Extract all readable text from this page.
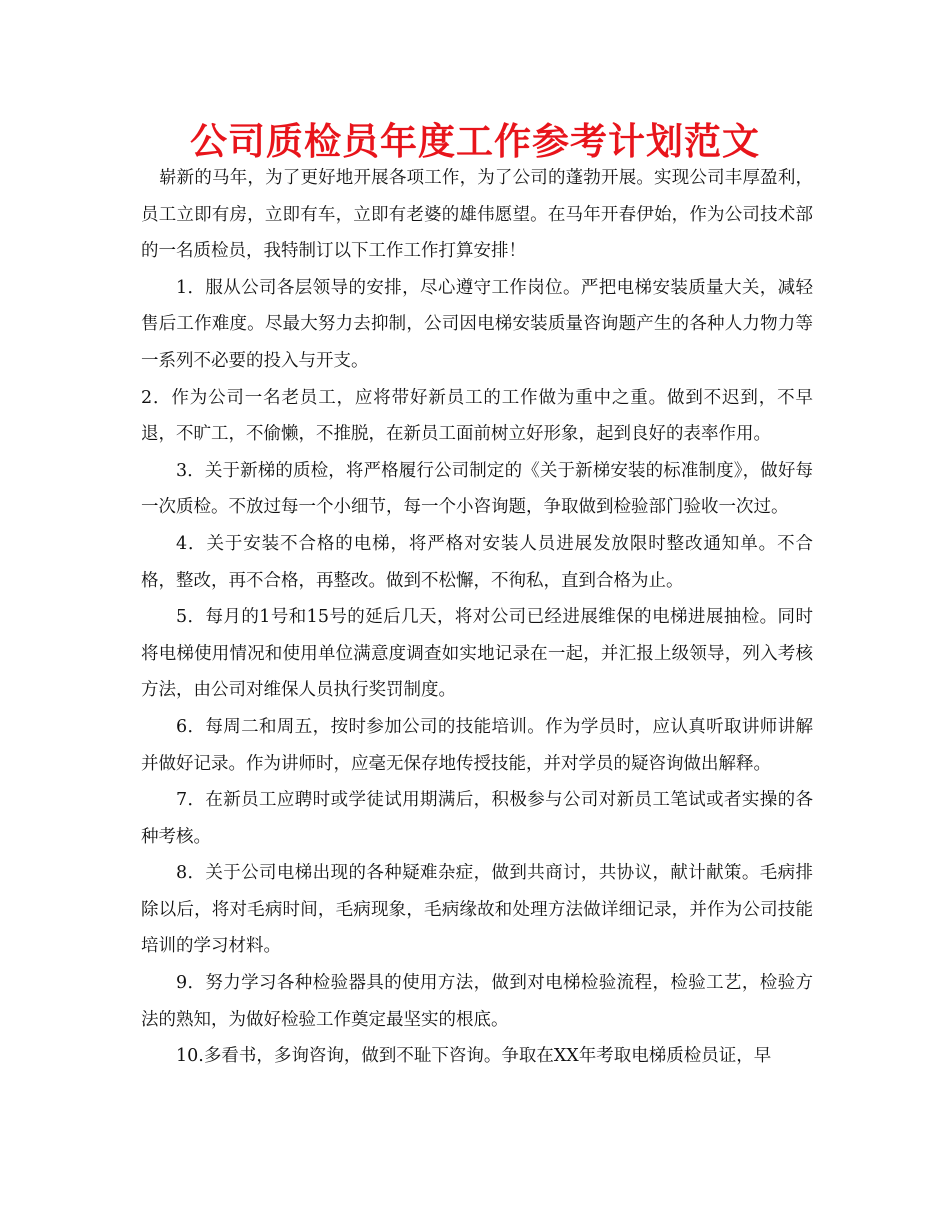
公司质检员年度工作参考计划范文

崭新的马年，为了更好地开展各项工作，为了公司的蓬勃开展。实现公司丰厚盈利，员工立即有房，立即有车，立即有老婆的雄伟愿望。在马年开春伊始，作为公司技术部的一名质检员，我特制订以下工作工作打算安排！

1．服从公司各层领导的安排，尽心遵守工作岗位。严把电梯安装质量大关，减轻售后工作难度。尽最大努力去抑制，公司因电梯安装质量咨询题产生的各种人力物力等一系列不必要的投入与开支。

2．作为公司一名老员工，应将带好新员工的工作做为重中之重。做到不迟到，不早退，不旷工，不偷懒，不推脱，在新员工面前树立好形象，起到良好的表率作用。

3．关于新梯的质检，将严格履行公司制定的《关于新梯安装的标准制度》，做好每一次质检。不放过每一个小细节，每一个小咨询题，争取做到检验部门验收一次过。

4．关于安装不合格的电梯，将严格对安装人员进展发放限时整改通知单。不合格，整改，再不合格，再整改。做到不松懈，不徇私，直到合格为止。

5．每月的1号和15号的延后几天，将对公司已经进展维保的电梯进展抽检。同时将电梯使用情况和使用单位满意度调查如实地记录在一起，并汇报上级领导，列入考核方法，由公司对维保人员执行奖罚制度。

6．每周二和周五，按时参加公司的技能培训。作为学员时，应认真听取讲师讲解并做好记录。作为讲师时，应毫无保存地传授技能，并对学员的疑咨询做出解释。

7．在新员工应聘时或学徒试用期满后，积极参与公司对新员工笔试或者实操的各种考核。

8．关于公司电梯出现的各种疑难杂症，做到共商讨，共协议，献计献策。毛病排除以后，将对毛病时间，毛病现象，毛病缘故和处理方法做详细记录，并作为公司技能培训的学习材料。

9．努力学习各种检验器具的使用方法，做到对电梯检验流程，检验工艺，检验方法的熟知，为做好检验工作奠定最坚实的根底。

10.多看书，多询咨询，做到不耻下咨询。争取在XX年考取电梯质检员证，早
